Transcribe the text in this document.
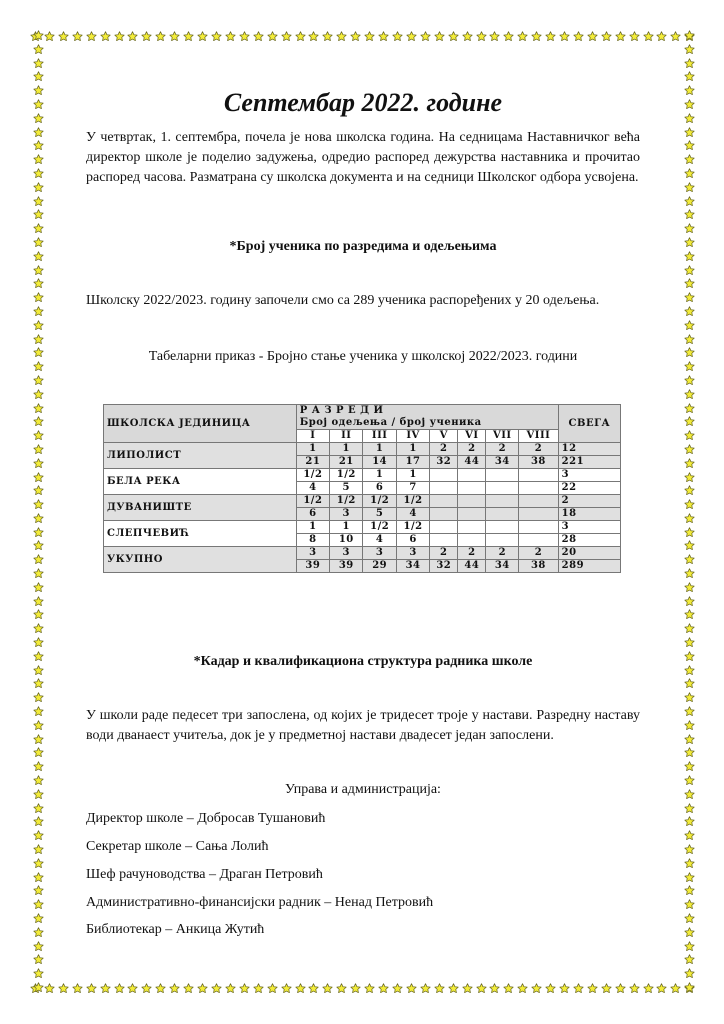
Септембар 2022. године

У четвртак, 1. септембра, почела је нова школска година. На седницама Наставничког већа директор школе је поделио задужења, одредио распоред дежурства наставника и прочитао распоред часова. Разматрана су школска документа и на седници Школског одбора усвојена.

*Број ученика по разредима и одељењима
Школску 2022/2023. годину започели смо са 289 ученика распоређених у 20 одељења.
Табеларни приказ - Бројно стање ученика у школској 2022/2023. години
ШКОЛСКА ЈЕДИНИЦА	Р А З Р Е Д И
Број одељења / број ученика								СВЕГА
	I	II	III	IV	V	VI	VII	VIII	
ЛИПОЛИСТ	1	1	1	1	2	2	2	2	12
	21	21	14	17	32	44	34	38	221
БЕЛА РЕКА	1/2	1/2	1	1					3
	4	5	6	7					22
ДУВАНИШТЕ	1/2	1/2	1/2	1/2					2
	6	3	5	4					18
СЛЕПЧЕВИЋ	1	1	1/2	1/2					3
	8	10	4	6					28
УКУПНО	3	3	3	3	2	2	2	2	20
	39	39	29	34	32	44	34	38	289
*Кадар и квалификациона структура радника школе

У школи раде педесет три запослена, од којих је тридесет троје у настави. Разредну наставу води дванаест учитеља, док је у предметној настави двадесет један запослени.

Управа и администрација:
Директор школе – Добросав Тушановић
Секретар школе – Сања Лолић
Шеф рачуноводства – Драган Петровић
Административно-финансијски радник – Ненад Петровић
Библиотекар – Анкица Жутић
